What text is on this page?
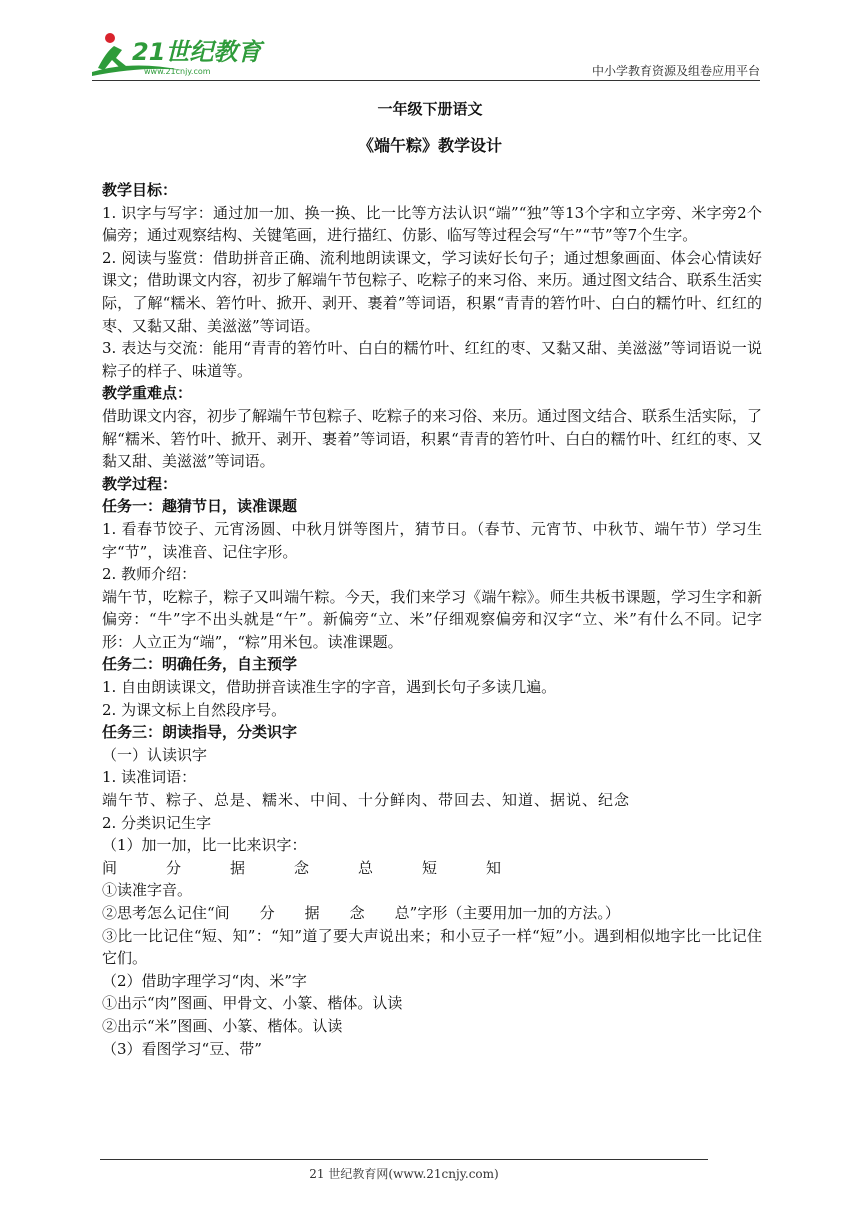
21世纪教育
www.21cnjy.com	中小学教育资源及组卷应用平台
一年级下册语文
《端午粽》教学设计

教学目标：

1. 识字与写字：通过加一加、换一换、比一比等方法认识“端”“独”等13个字和立字旁、米字旁2个偏旁；通过观察结构、关键笔画，进行描红、仿影、临写等过程会写“午”“节”等7个生字。

2. 阅读与鉴赏：借助拼音正确、流利地朗读课文，学习读好长句子；通过想象画面、体会心情读好课文；借助课文内容，初步了解端午节包粽子、吃粽子的来习俗、来历。通过图文结合、联系生活实际，了解“糯米、箬竹叶、掀开、剥开、裹着”等词语，积累“青青的箬竹叶、白白的糯竹叶、红红的枣、又黏又甜、美滋滋”等词语。

3. 表达与交流：能用“青青的箬竹叶、白白的糯竹叶、红红的枣、又黏又甜、美滋滋”等词语说一说粽子的样子、味道等。

教学重难点：

借助课文内容，初步了解端午节包粽子、吃粽子的来习俗、来历。通过图文结合、联系生活实际，了解“糯米、箬竹叶、掀开、剥开、裹着”等词语，积累“青青的箬竹叶、白白的糯竹叶、红红的枣、又黏又甜、美滋滋”等词语。

教学过程：

任务一：趣猜节日，读准课题

1. 看春节饺子、元宵汤圆、中秋月饼等图片，猜节日。（春节、元宵节、中秋节、端午节）学习生字“节”，读准音、记住字形。

2. 教师介绍：

端午节，吃粽子，粽子又叫端午粽。今天，我们来学习《端午粽》。师生共板书课题，学习生字和新偏旁：“牛”字不出头就是“午”。新偏旁“立、米”仔细观察偏旁和汉字“立、米”有什么不同。记字形：人立正为“端”，“粽”用米包。读准课题。

任务二：明确任务，自主预学

1. 自由朗读课文，借助拼音读准生字的字音，遇到长句子多读几遍。

2. 为课文标上自然段序号。

任务三：朗读指导，分类识字

（一）认读识字

1. 读准词语：

端午节、粽子、总是、糯米、中间、十分鲜肉、带回去、知道、据说、纪念

2. 分类识记生字

（1）加一加，比一比来识字：

间	分	据	念	总	短	知

①读准字音。

②思考怎么记住“间　　分　　据　　念　　总”字形（主要用加一加的方法。）

③比一比记住“短、知”：“知”道了要大声说出来；和小豆子一样“短”小。遇到相似地字比一比记住它们。

（2）借助字理学习“肉、米”字

①出示“肉”图画、甲骨文、小篆、楷体。认读

②出示“米”图画、小篆、楷体。认读

（3）看图学习“豆、带”

21 世纪教育网(www.21cnjy.com)
